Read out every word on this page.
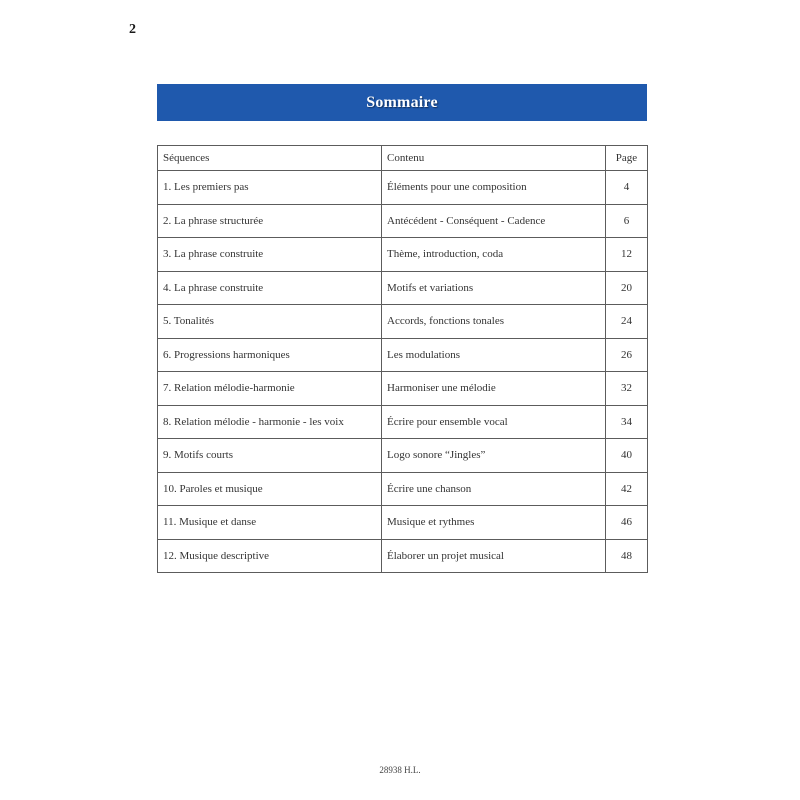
2
Sommaire
Séquences	Contenu	Page
1. Les premiers pas	Éléments pour une composition	4
2. La phrase structurée	Antécédent - Conséquent - Cadence	6
3. La phrase construite	Thème, introduction, coda	12
4. La phrase construite	Motifs et variations	20
5. Tonalités	Accords, fonctions tonales	24
6. Progressions harmoniques	Les modulations	26
7. Relation mélodie-harmonie	Harmoniser une mélodie	32
8. Relation mélodie - harmonie - les voix	Écrire pour ensemble vocal	34
9. Motifs courts	Logo sonore “Jingles”	40
10. Paroles et musique	Écrire une chanson	42
11. Musique et danse	Musique et rythmes	46
12. Musique descriptive	Élaborer un projet musical	48
28938 H.L.
